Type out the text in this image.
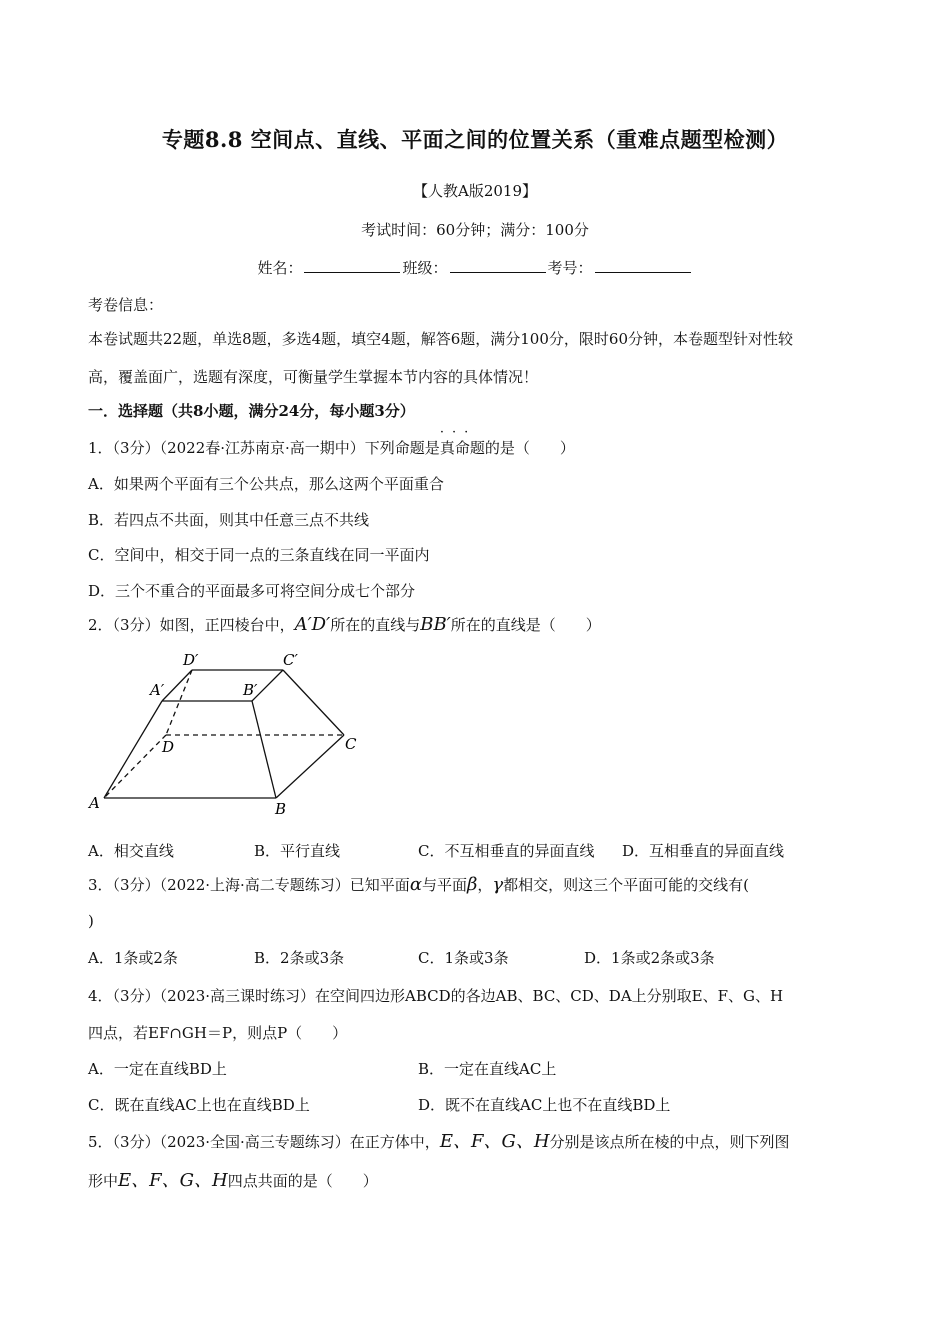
专题8.8 空间点、直线、平面之间的位置关系（重难点题型检测）
【人教A版2019】
考试时间：60分钟；满分：100分
姓名：	班级：	考号：
考卷信息：
本卷试题共22题，单选8题，多选4题，填空4题，解答6题，满分100分，限时60分钟，本卷题型针对性较
高，覆盖面广，选题有深度，可衡量学生掌握本节内容的具体情况！
一．选择题（共8小题，满分24分，每小题3分）
1．（3分）（2022春·江苏南京·高一期中）下列命题是
···
真命题的是（　　）
A．如果两个平面有三个公共点，那么这两个平面重合
B．若四点不共面，则其中任意三点不共线
C．空间中，相交于同一点的三条直线在同一平面内
D．三个不重合的平面最多可将空间分成七个部分
2．（3分）如图，正四棱台中，A′D′所在的直线与BB′所在的直线是（　　）
D′	C′
A′	B′
D	C
A	B
A．相交直线	B．平行直线	C．不互相垂直的异面直线 D．互相垂直的异面直线
3．（3分）（2022·上海·高二专题练习）已知平面α与平面β，γ都相交，则这三个平面可能的交线有(
)
A．1条或2条	B．2条或3条	C．1条或3条	D．1条或2条或3条
4．（3分）（2023·高三课时练习）在空间四边形ABCD的各边AB、BC、CD、DA上分别取E、F、G、H
四点，若EF∩GH＝P，则点P（　　）
A．一定在直线BD上	B．一定在直线AC上
C．既在直线AC上也在直线BD上	D．既不在直线AC上也不在直线BD上
5．（3分）（2023·全国·高三专题练习）在正方体中，E、F、G、H分别是该点所在棱的中点，则下列图
形中E、F、G、H四点共面的是（　　）
